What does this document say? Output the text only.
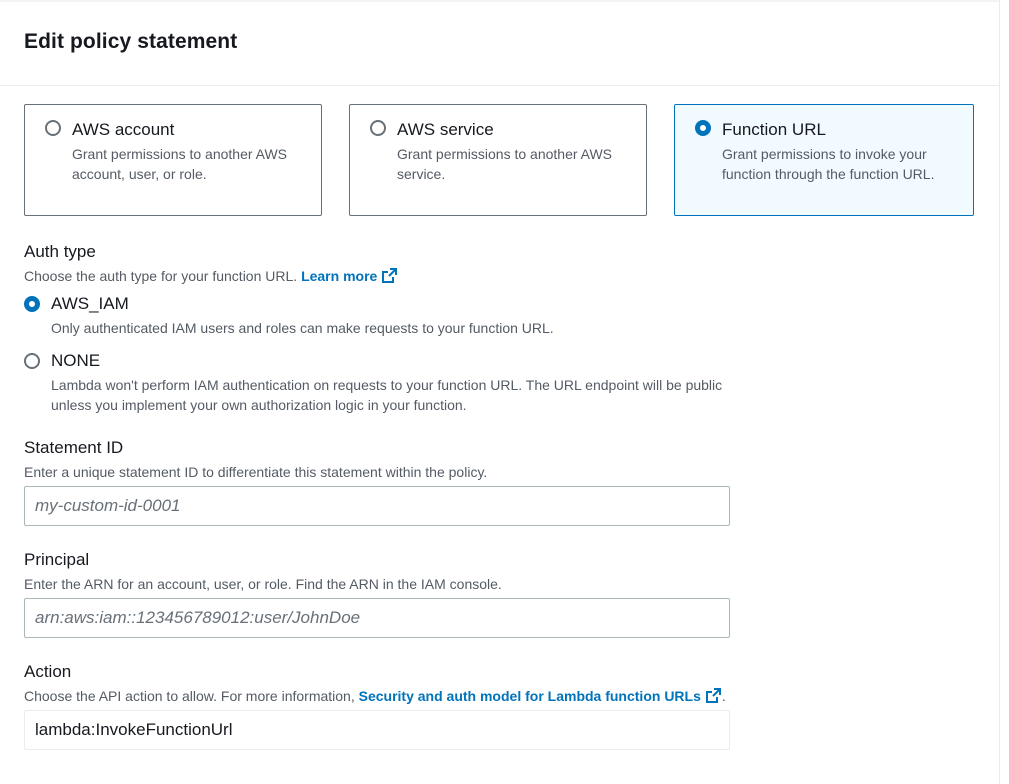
Edit policy statement
AWS account
Grant permissions to another AWS account, user, or role.
AWS service
Grant permissions to another AWS service.
Function URL
Grant permissions to invoke your function through the function URL.
Auth type
Choose the auth type for your function URL. Learn more
AWS_IAM
Only authenticated IAM users and roles can make requests to your function URL.
NONE
Lambda won't perform IAM authentication on requests to your function URL. The URL endpoint will be public unless you implement your own authorization logic in your function.
Statement ID
Enter a unique statement ID to differentiate this statement within the policy.
my-custom-id-0001
Principal
Enter the ARN for an account, user, or role. Find the ARN in the IAM console.
arn:aws:iam::123456789012:user/JohnDoe
Action
Choose the API action to allow. For more information, Security and auth model for Lambda function URLs .
lambda:InvokeFunctionUrl
